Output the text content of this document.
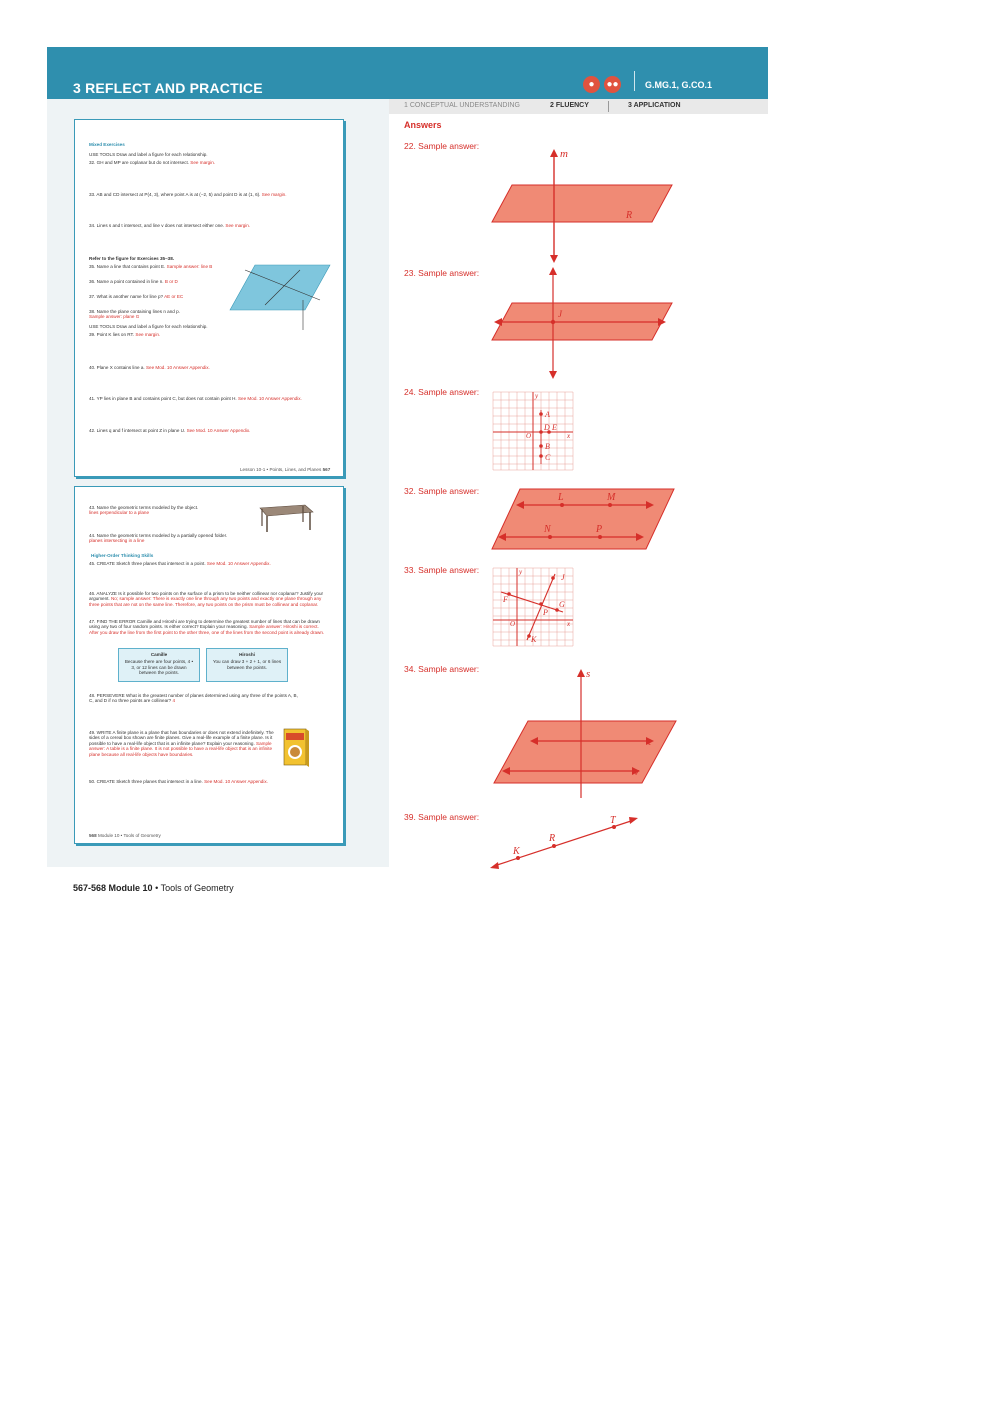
3 REFLECT AND PRACTICE	●	●●	G.MG.1, G.CO.1
1 CONCEPTUAL UNDERSTANDING	2 FLUENCY	3 APPLICATION
Mixed Exercises
USE TOOLS Draw and label a figure for each relationship.
32. GH and MP are coplanar but do not intersect. See margin.
33. AB and CD intersect at P(4, 3), where point A is at (−2, 5) and point D is at (1, 6). See margin.
34. Lines s and t intersect, and line v does not intersect either one. See margin.
Refer to the figure for Exercises 35–38.
35. Name a line that contains point E. Sample answer: line B
36. Name a point contained in line n. B or D
37. What is another name for line p? AE or EC
38. Name the plane containing lines n and p.
Sample answer: plane G
USE TOOLS Draw and label a figure for each relationship.
39. Point K lies on RT. See margin.
40. Plane X contains line a. See Mod. 10 Answer Appendix.
41. YP lies in plane B and contains point C, but does not contain point H. See Mod. 10 Answer Appendix.
42. Lines q and f intersect at point Z in plane U. See Mod. 10 Answer Appendix.
Lesson 10-1 • Points, Lines, and Planes 567
43. Name the geometric terms modeled by the object.
lines perpendicular to a plane
44. Name the geometric terms modeled by a partially opened folder.
planes intersecting in a line
Higher-Order Thinking Skills
45. CREATE Sketch three planes that intersect in a point. See Mod. 10 Answer Appendix.
46. ANALYZE Is it possible for two points on the surface of a prism to be neither collinear nor coplanar? Justify your argument. No; sample answer: There is exactly one line through any two points and exactly one plane through any three points that are not on the same line. Therefore, any two points on the prism must be collinear and coplanar.
47. FIND THE ERROR Camille and Hiroshi are trying to determine the greatest number of lines that can be drawn using any two of four random points. Is either correct? Explain your reasoning. Sample answer: Hiroshi is correct. After you draw the line from the first point to the other three, one of the lines from the second point is already drawn.
48. PERSEVERE What is the greatest number of planes determined using any three of the points A, B, C, and D if no three points are collinear? 4
49. WRITE A finite plane is a plane that has boundaries or does not extend indefinitely. The sides of a cereal box shown are finite planes. Give a real-life example of a finite plane. Is it possible to have a real-life object that is an infinite plane? Explain your reasoning. Sample answer: A table is a finite plane. It is not possible to have a real-life object that is an infinite plane because all real-life objects have boundaries.
50. CREATE Sketch three planes that intersect in a line. See Mod. 10 Answer Appendix.
568 Module 10 • Tools of Geometry
Camille
Because there are four points, 4 • 3, or 12 lines can be drawn between the points.
Hiroshi
You can draw 3 + 2 + 1, or 6 lines between the points.
Answers
22. Sample answer:
m
R
23. Sample answer:
J
24. Sample answer:
A
D E
B
C
O	x
y
32. Sample answer:
L	M
N	P
33. Sample answer:
F
J
G
P
K
O	x
y
34. Sample answer:	s
t
v
39. Sample answer:
K
R
T
567-568 Module 10 • Tools of Geometry
